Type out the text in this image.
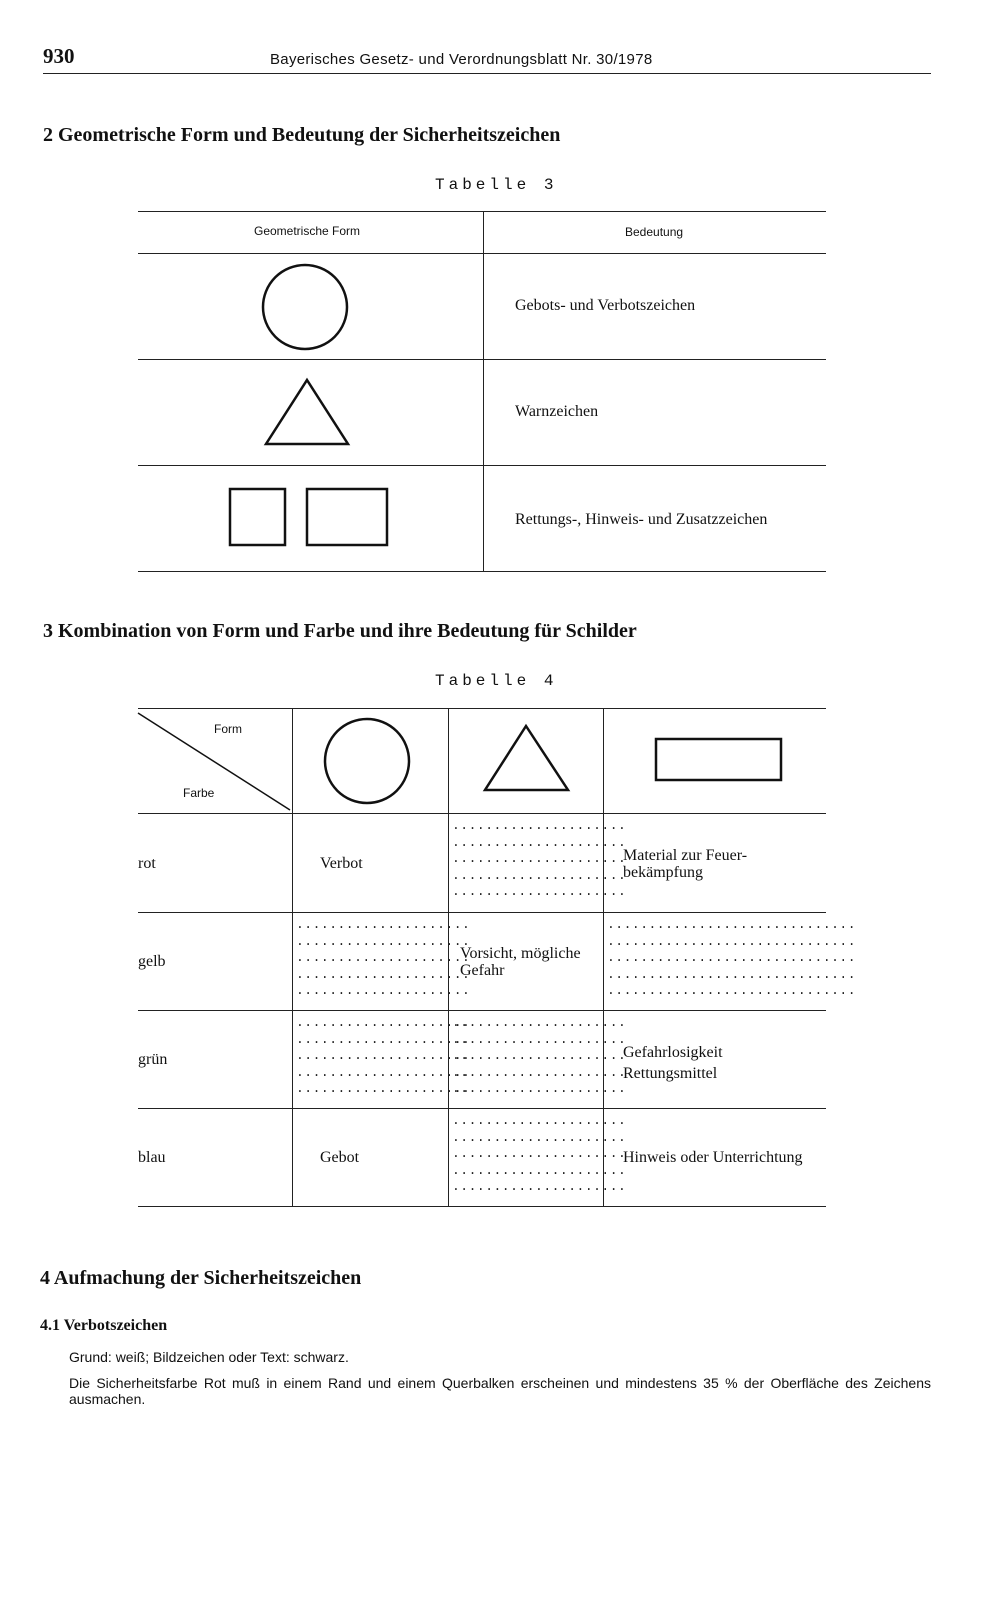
930	Bayerisches Gesetz- und Verordnungsblatt Nr. 30/1978
2 Geometrische Form und Bedeutung der Sicherheitszeichen
Tabelle 3
Geometrische Form	Bedeutung
Gebots- und Verbotszeichen
Warnzeichen
Rettungs-, Hinweis- und Zusatzzeichen
3 Kombination von Form und Farbe und ihre Bedeutung für Schilder
Tabelle 4
Form
Farbe
rot
gelb
grün
blau
Verbot
.....................
.....................
.....................
.....................
.....................
Material zur Feuer-
bekämpfung
.....................
.....................
.....................
.....................
.....................
Vorsicht, mögliche
Gefahr
..............................
..............................
..............................
..............................
..............................
.....................
.....................
.....................
.....................
.....................
.....................
.....................
.....................
.....................
.....................
Gefahrlosigkeit
Rettungsmittel
Gebot
.....................
.....................
.....................
.....................
.....................
Hinweis oder Unterrichtung
4 Aufmachung der Sicherheitszeichen
4.1 Verbotszeichen
Grund: weiß; Bildzeichen oder Text: schwarz.
Die Sicherheitsfarbe Rot muß in einem Rand und einem Querbalken erscheinen und mindestens 35 % der Oberfläche des Zeichens ausmachen.
